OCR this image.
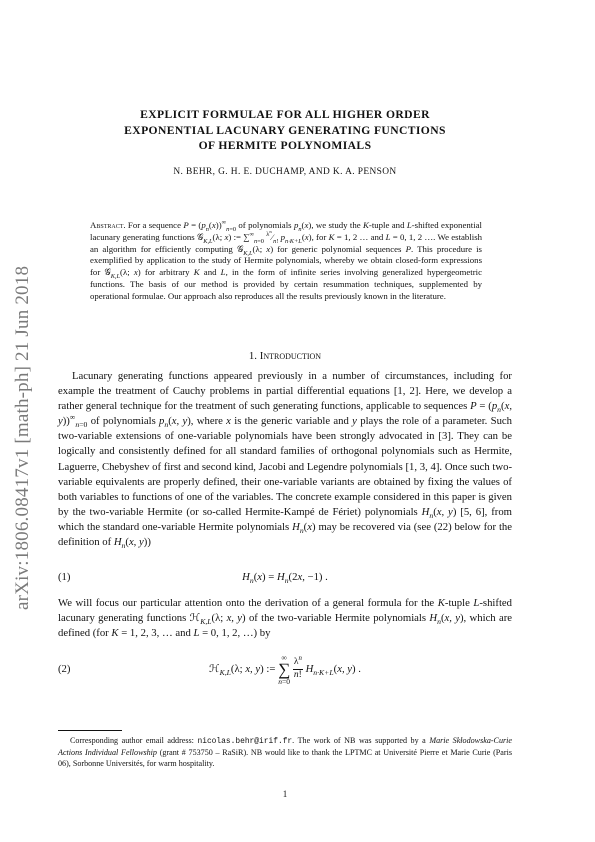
arXiv:1806.08417v1 [math-ph] 21 Jun 2018
EXPLICIT FORMULAE FOR ALL HIGHER ORDER
EXPONENTIAL LACUNARY GENERATING FUNCTIONS
OF HERMITE POLYNOMIALS
N. BEHR, G. H. E. DUCHAMP, AND K. A. PENSON
Abstract. For a sequence $P = (p_n(x))^\infty_{n=0}$ of polynomials $p_n(x)$, we study the K-tuple and L-shifted exponential lacunary generating functions 𝒢$_{K,L}$(λ; x) := $\sum^\infty_{n=0}$ $^{\lambda^n}⁄_{n!}$ $p_{n\cdot K+L}(x)$, for K = 1, 2 … and L = 0, 1, 2 …. We establish an algorithm for efficiently computing 𝒢$_{K,L}$(λ; x) for generic polynomial sequences P. This procedure is exemplified by application to the study of Hermite polynomials, whereby we obtain closed-form expressions for 𝒢$_{K,L}$(λ; x) for arbitrary K and L, in the form of infinite series involving generalized hypergeometric functions. The basis of our method is provided by certain resummation techniques, supplemented by operational formulae. Our approach also reproduces all the results previously known in the literature.
1. Introduction
Lacunary generating functions appeared previously in a number of circumstances, including for example the treatment of Cauchy problems in partial differential equations [1, 2]. Here, we develop a rather general technique for the treatment of such generating functions, applicable to sequences $P = (p_n(x$, $y))^\infty_{n=0}$ of polynomials $p_n(x$, y), where x is the generic variable and y plays the role of a parameter. Such two-variable extensions of one-variable polynomials have been strongly advocated in [3]. They can be logically and consistently defined for all standard families of orthogonal polynomials such as Hermite, Laguerre, Chebyshev of first and second kind, Jacobi and Legendre polynomials [1, 3, 4]. Once such two-variable equivalents are properly defined, their one-variable variants are obtained by fixing the values of both variables to functions of one of the variables. The concrete example considered in this paper is given by the two-variable Hermite (or so-called Hermite-Kampé de Fériet) polynomials $H_n(x$, y) [5, 6], from which the standard one-variable Hermite polynomials $H_n(x)$ may be recovered via (see (22) below for the definition of $H_n(x$, y))
(1)	$H_n(x) = H_n(2x$, −1) .
We will focus our particular attention onto the derivation of a general formula for the K-tuple L-shifted lacunary generating functions ℋ$_{K,L}$(λ; x, y) of the two-variable Hermite polynomials $H_n(x$, y), which are defined (for K = 1, 2, 3, … and L = 0, 1, 2, …) by
(2)	ℋ$_{K,L}$(λ; x, y) :=
∞
∑
n=0

$\frac{\lambda^n}{n!} H_{n\cdot K+L}(x$, y) .
Corresponding author email address: nicolas.behr@irif.fr. The work of NB was supported by a Marie Skłodowska-Curie Actions Individual Fellowship (grant # 753750 – RaSiR). NB would like to thank the LPTMC at Université Pierre et Marie Curie (Paris 06), Sorbonne Universités, for warm hospitality.
1
